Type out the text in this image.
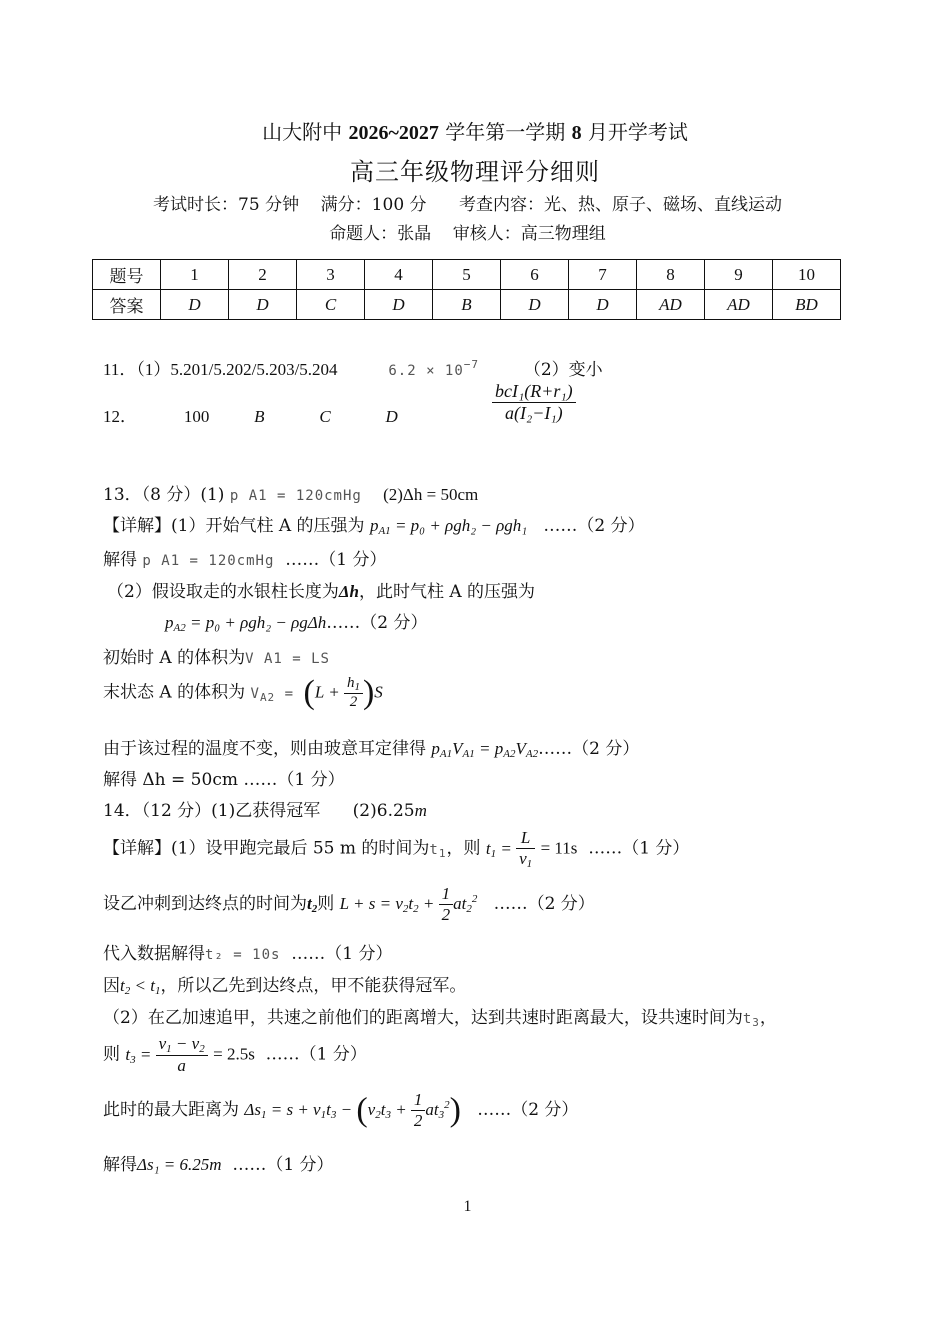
山大附中 2026~2027 学年第一学期 8 月开学考试
高三年级物理评分细则
考试时长：75 分钟    满分：100 分      考查内容：光、热、原子、磁场、直线运动
命题人：张晶    审核人：高三物理组
题号	1	2	3	4	5	6	7	8	9	10
答案	D	D	C	D	B	D	D	AD	AD	BD
11．（1）5.201/5.202/5.203/5.204	$6.2 \times 10^{-7}$	（2）变小
12．	100	B	C	D	$\frac{\text{bcI₁(R+r₁)}}{\text{a(I₂−I₁)}}$
13．（8 分）(1) p A1 = 120cmHg     (2)Δh = 50cm
【详解】(1）开始气柱 A 的压强为 $p_{A1} = p_0 + \rho gh_2 - \rho gh_1$   ……（2 分）
解得 p A1 = 120cmHg  ……（1 分）
（2）假设取走的水银柱长度为Δh，此时气柱 A 的压强为
$p_{A2} = p_0 + \rho gh_2$ − ρgΔh……（2 分）
初始时 A 的体积为V A1 = LS
末状态 A 的体积为 $V_{A2} = (L + \frac{h_1}{2} )S$
由于该过程的温度不变，则由玻意耳定律得 $p_{A1}V_{A1}$ = $p_{A2}V_{A2}\dots\dots(2$ 分）
解得 Δh = 50cm ……（1 分）
14．（12 分）(1)乙获得冠军      (2)6.25m
【详解】(1）设甲跑完最后 55 m 的时间为$t_1$，则 $t_1 = \frac{L}{v_1} = 11s$  ……（1 分）
设乙冲刺到达终点的时间为$t_2$则 $L + s = v_2t_2 + \frac{1}{2} at_2^2$   ……（2 分）
代入数据解得t₂ = 10s  ……（1 分）
因$t_2 < t_1$，所以乙先到达终点，甲不能获得冠军。
（2）在乙加速追甲，共速之前他们的距离增大，达到共速时距离最大，设共速时间为$t_3$，
则 $t_3 = \frac{v_1 - v_2}{a} = 2.5s$  ……（1 分）
此时的最大距离为 $\Delta s_1 = s + v_1t_3 - (v_2t_3 + \frac{1}{2} at_3^2)$   ……（2 分）
解得Δs₁ = 6.25m  ……（1 分）
1
